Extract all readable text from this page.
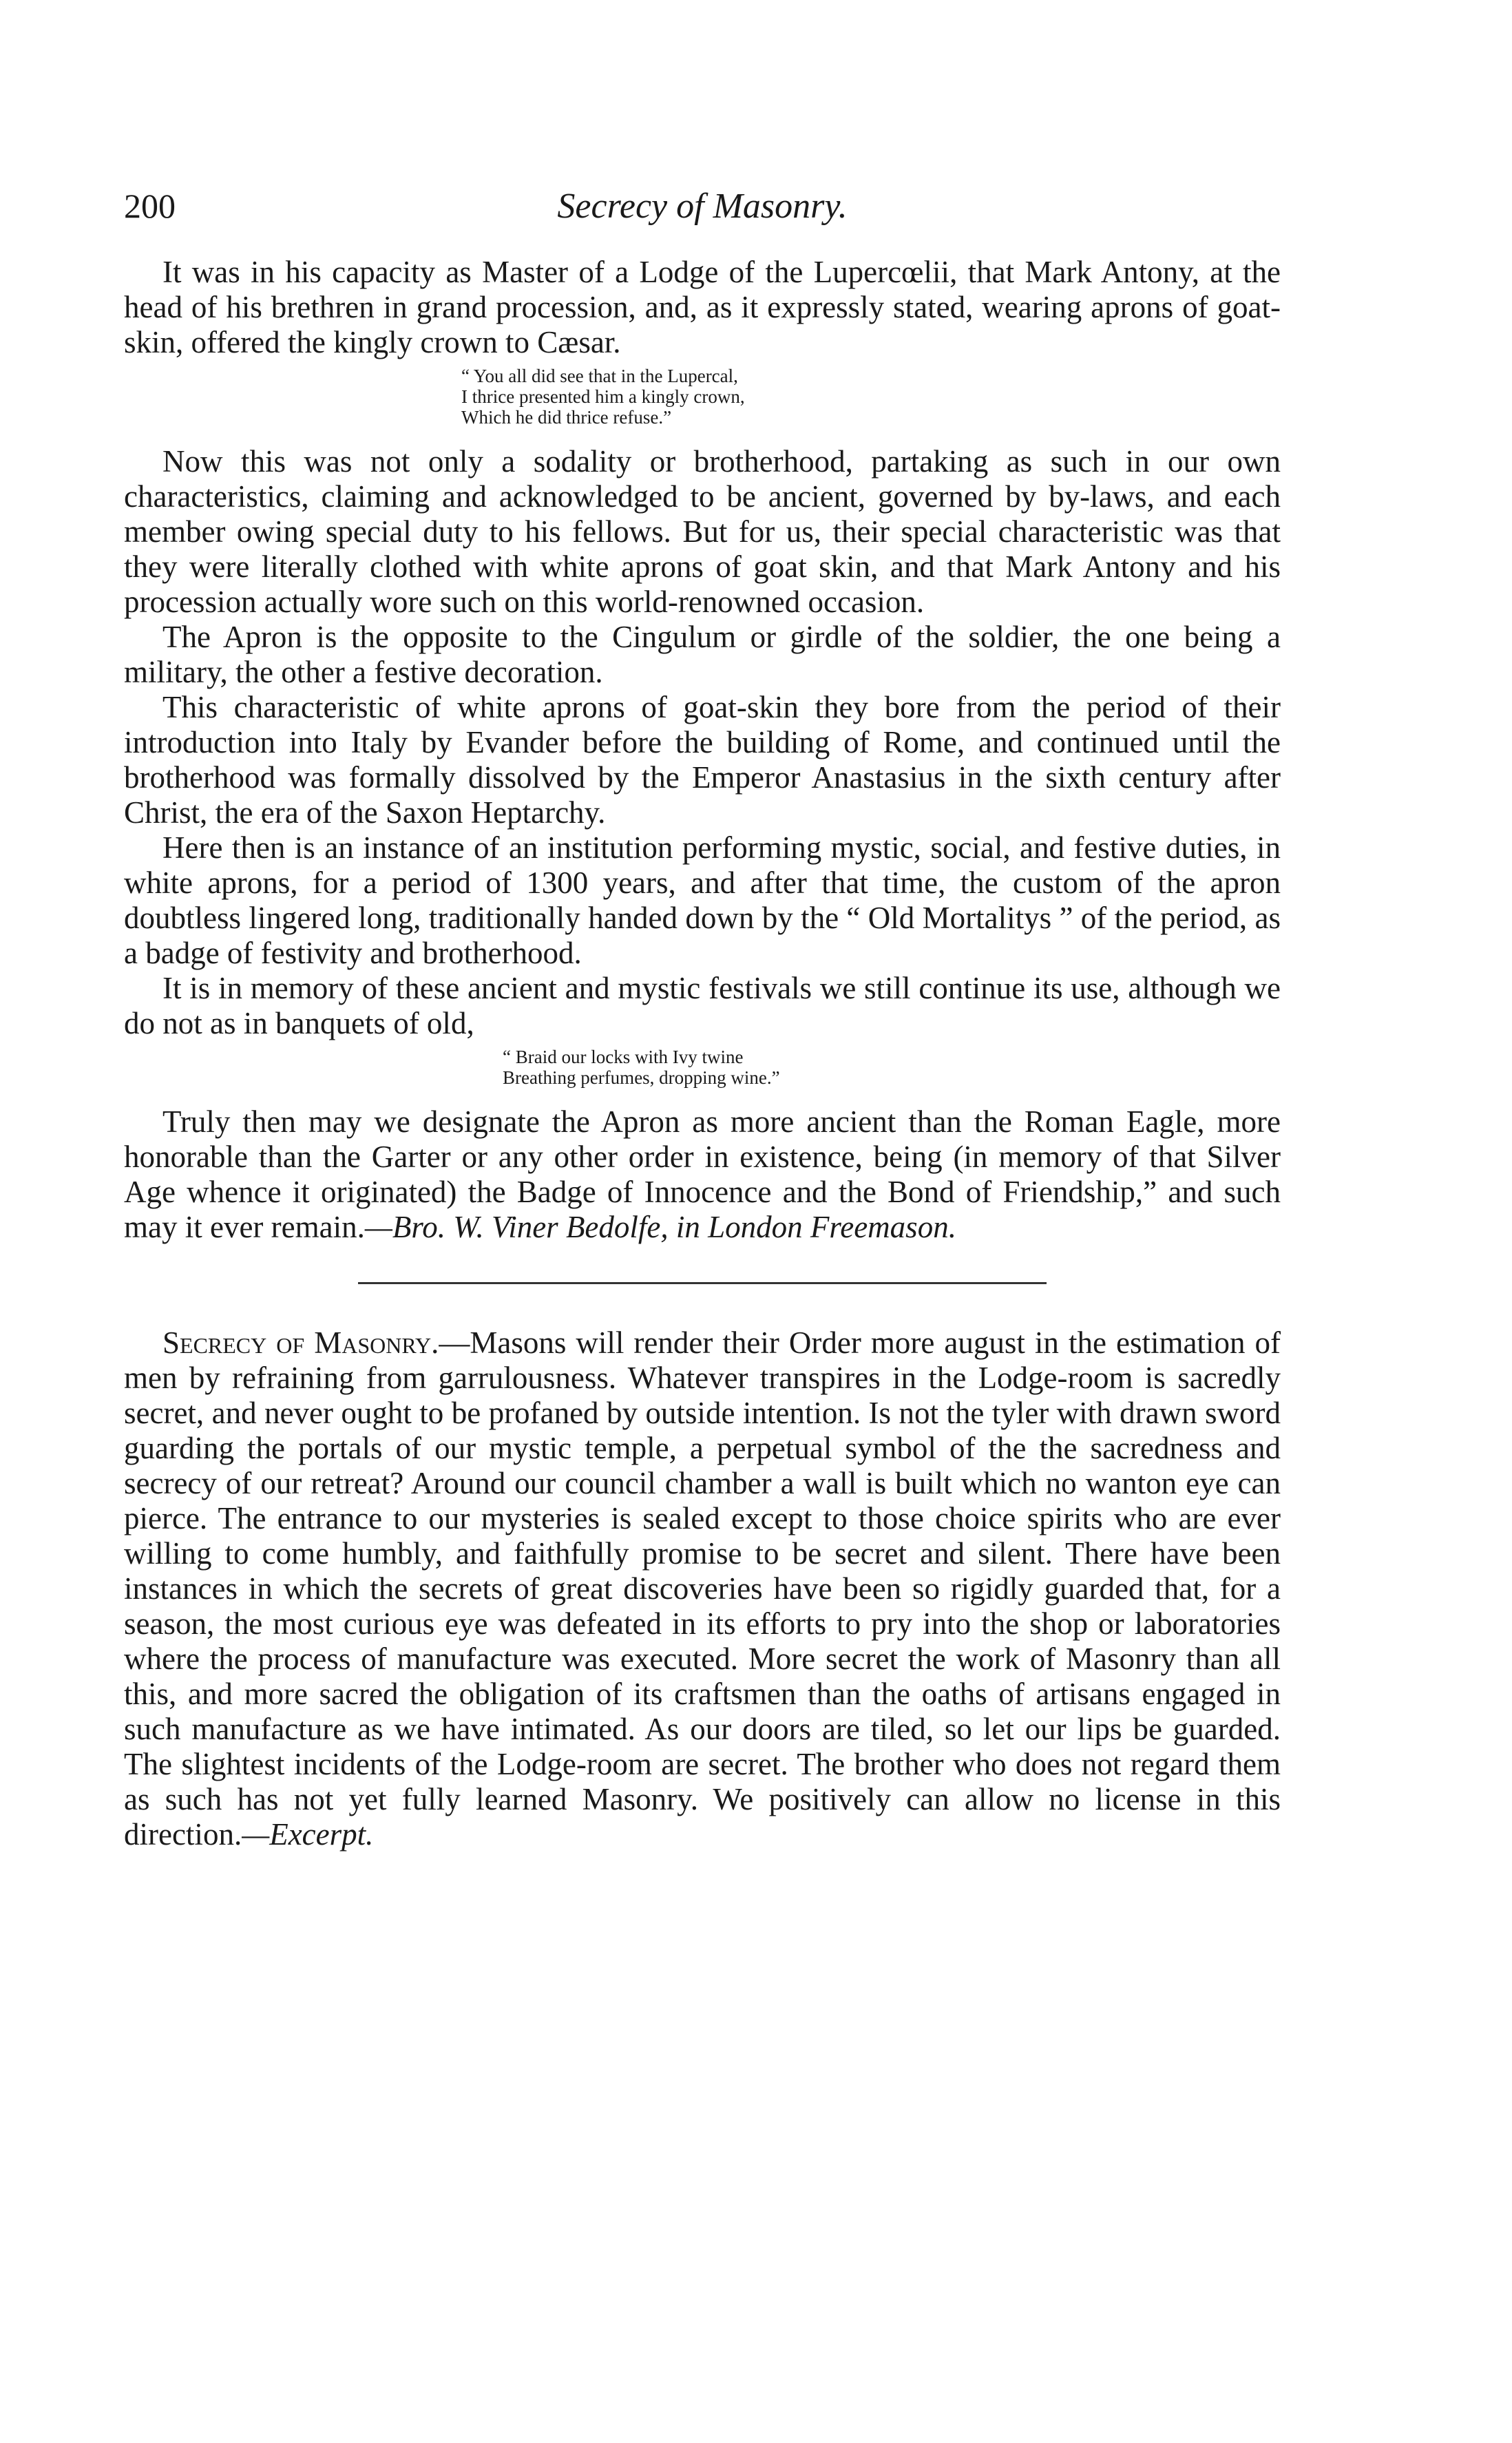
200	Secrecy of Masonry.

It was in his capacity as Master of a Lodge of the Lupercœlii, that Mark Antony, at the head of his brethren in grand procession, and, as it expressly stated, wearing aprons of goat-skin, offered the kingly crown to Cæsar.

“ You all did see that in the Lupercal,
I thrice presented him a kingly crown,
Which he did thrice refuse.”

Now this was not only a sodality or brotherhood, partaking as such in our own characteristics, claiming and acknowledged to be ancient, governed by by-laws, and each member owing special duty to his fellows. But for us, their special characteristic was that they were literally clothed with white aprons of goat skin, and that Mark Antony and his procession actually wore such on this world-renowned occasion.

The Apron is the opposite to the Cingulum or girdle of the soldier, the one being a military, the other a festive decoration.

This characteristic of white aprons of goat-skin they bore from the period of their introduction into Italy by Evander before the building of Rome, and continued until the brotherhood was formally dissolved by the Emperor Anastasius in the sixth century after Christ, the era of the Saxon Heptarchy.

Here then is an instance of an institution performing mystic, social, and festive duties, in white aprons, for a period of 1300 years, and after that time, the custom of the apron doubtless lingered long, traditionally handed down by the “ Old Mortalitys ” of the period, as a badge of festivity and brotherhood.

It is in memory of these ancient and mystic festivals we still continue its use, although we do not as in banquets of old,

“ Braid our locks with Ivy twine
Breathing perfumes, dropping wine.”

Truly then may we designate the Apron as more ancient than the Roman Eagle, more honorable than the Garter or any other order in existence, being (in memory of that Silver Age whence it originated) the Badge of Innocence and the Bond of Friendship,” and such may it ever remain.—Bro. W. Viner Bedolfe, in London Freemason.

Secrecy of Masonry.—Masons will render their Order more august in the estimation of men by refraining from garrulousness. Whatever transpires in the Lodge-room is sacredly secret, and never ought to be profaned by outside intention. Is not the tyler with drawn sword guarding the portals of our mystic temple, a perpetual symbol of the the sacredness and secrecy of our retreat? Around our council chamber a wall is built which no wanton eye can pierce. The entrance to our mysteries is sealed except to those choice spirits who are ever willing to come humbly, and faithfully promise to be secret and silent. There have been instances in which the secrets of great discoveries have been so rigidly guarded that, for a season, the most curious eye was defeated in its efforts to pry into the shop or laboratories where the process of manufacture was executed. More secret the work of Masonry than all this, and more sacred the obligation of its craftsmen than the oaths of artisans engaged in such manufacture as we have intimated. As our doors are tiled, so let our lips be guarded. The slightest incidents of the Lodge-room are secret. The brother who does not regard them as such has not yet fully learned Masonry. We positively can allow no license in this direction.—Excerpt.
